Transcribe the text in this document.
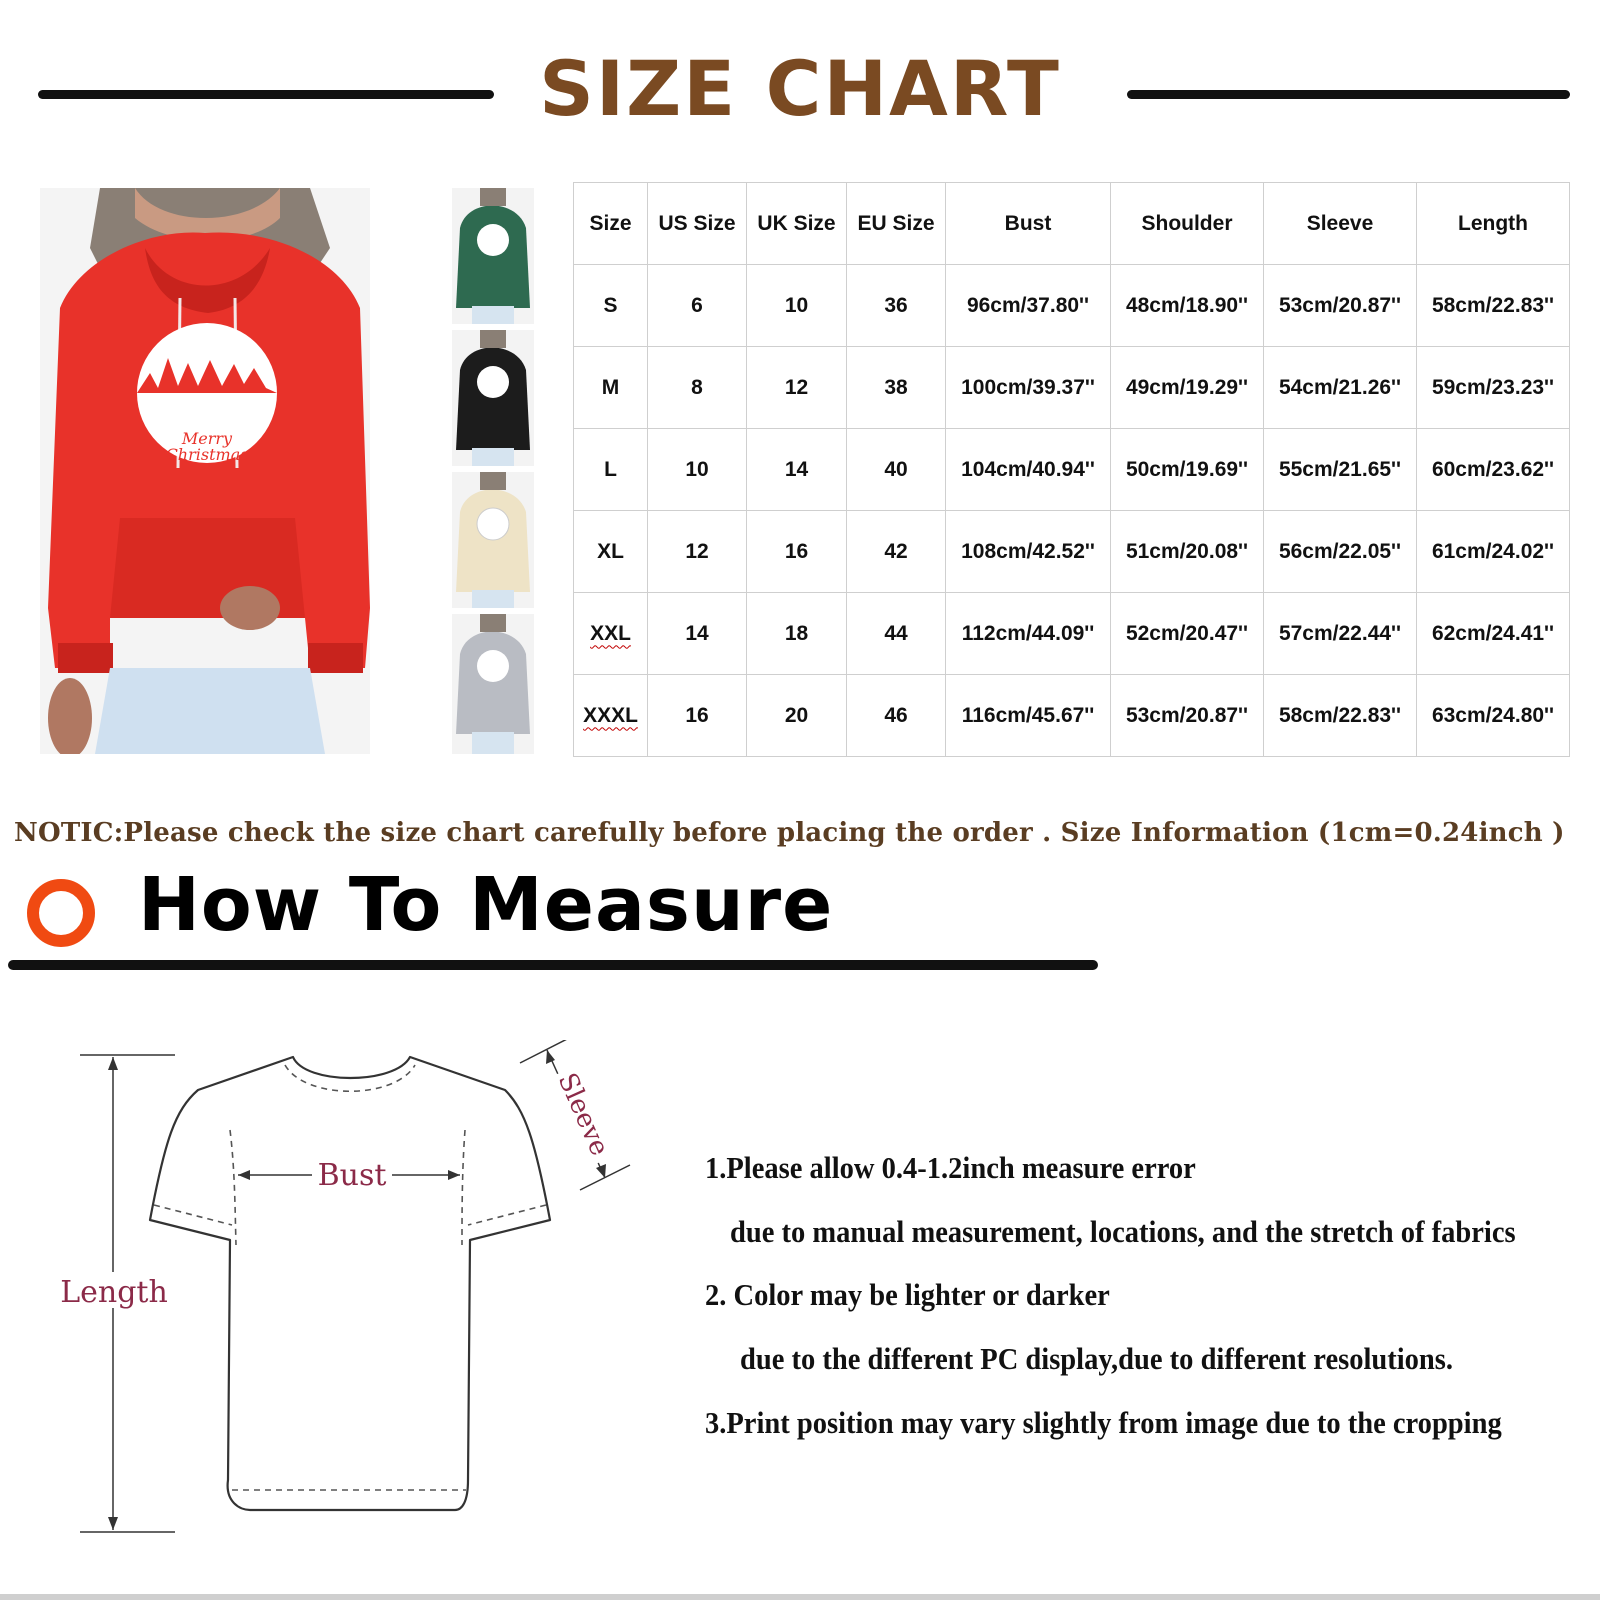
SIZE CHART
Merry
Christmas
Size	US Size	UK Size	EU Size	Bust	Shoulder	Sleeve	Length
S	6	10	36	96cm/37.80''	48cm/18.90''	53cm/20.87''	58cm/22.83''
M	8	12	38	100cm/39.37''	49cm/19.29''	54cm/21.26''	59cm/23.23''
L	10	14	40	104cm/40.94''	50cm/19.69''	55cm/21.65''	60cm/23.62''
XL	12	16	42	108cm/42.52''	51cm/20.08''	56cm/22.05''	61cm/24.02''
XXL	14	18	44	112cm/44.09''	52cm/20.47''	57cm/22.44''	62cm/24.41''
XXXL	16	20	46	116cm/45.67''	53cm/20.87''	58cm/22.83''	63cm/24.80''
NOTIC:Please check the size chart carefully before placing the order . Size Information (1cm=0.24inch )
How To Measure
Length
Bust
Sleeve
1.Please allow 0.4-1.2inch measure error
due to manual measurement, locations, and the stretch of fabrics
2. Color may be lighter or darker
due to the different PC display,due to different resolutions.
3.Print position may vary slightly from image due to the cropping
